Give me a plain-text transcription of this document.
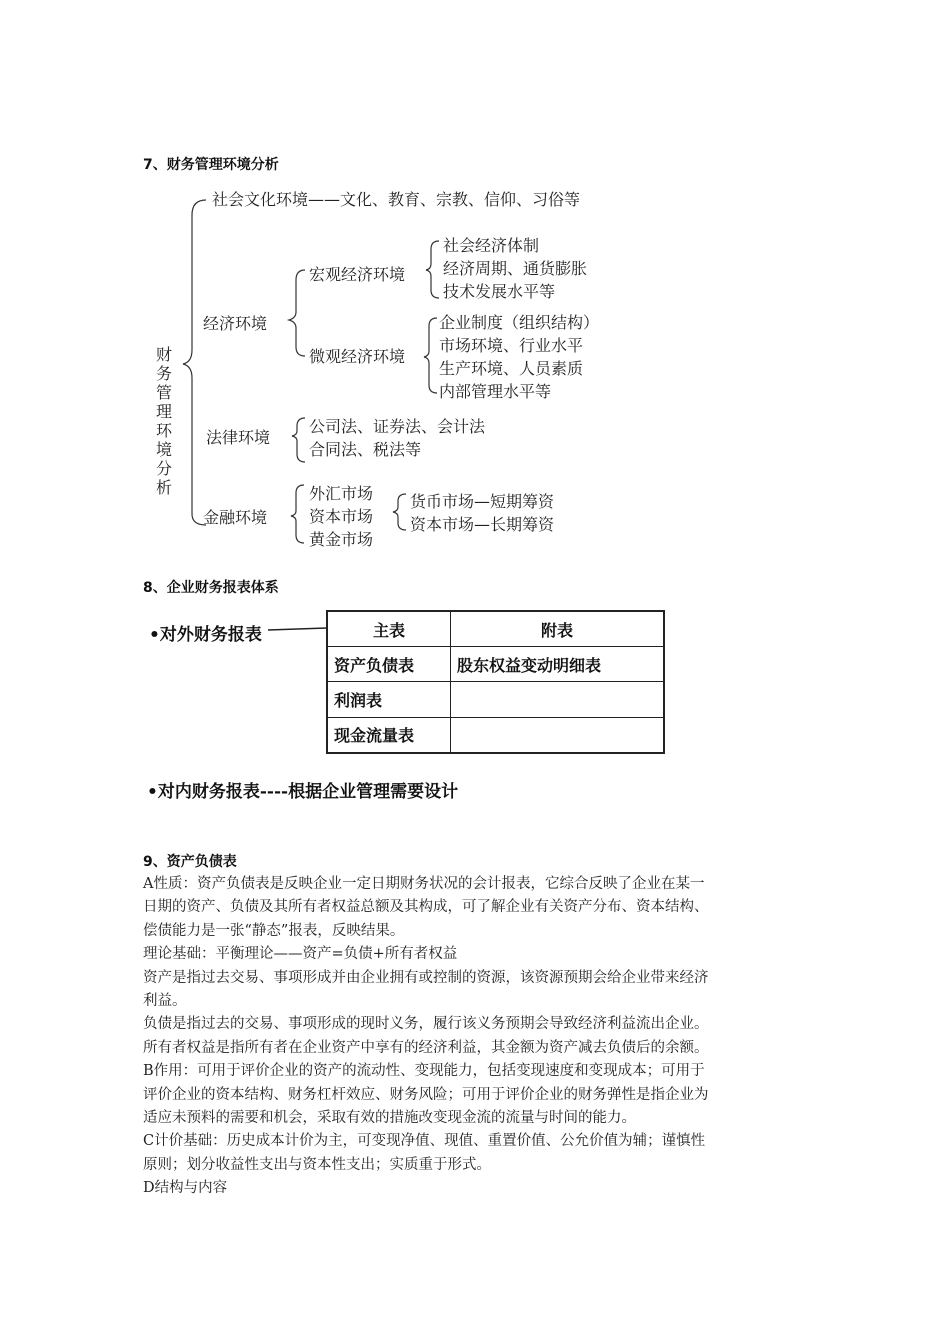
7、财务管理环境分析
财务管理环境分析
社会文化环境——文化、教育、宗教、信仰、习俗等
经济环境
宏观经济环境
社会经济体制
经济周期、通货膨胀
技术发展水平等
微观经济环境
企业制度（组织结构）
市场环境、行业水平
生产环境、人员素质
内部管理水平等
法律环境
公司法、证券法、会计法
合同法、税法等
金融环境
外汇市场
资本市场
黄金市场
货币市场—短期筹资
资本市场—长期筹资
8、企业财务报表体系
•对外财务报表	主表	附表
资产负债表	股东权益变动明细表
利润表	
现金流量表	
•对内财务报表----根据企业管理需要设计
9、资产负债表

A性质：资产负债表是反映企业一定日期财务状况的会计报表，它综合反映了企业在某一

日期的资产、负债及其所有者权益总额及其构成，可了解企业有关资产分布、资本结构、

偿债能力是一张“静态”报表，反映结果。

理论基础：平衡理论——资产=负债+所有者权益

资产是指过去交易、事项形成并由企业拥有或控制的资源，该资源预期会给企业带来经济

利益。

负债是指过去的交易、事项形成的现时义务，履行该义务预期会导致经济利益流出企业。

所有者权益是指所有者在企业资产中享有的经济利益，其金额为资产减去负债后的余额。

B作用：可用于评价企业的资产的流动性、变现能力，包括变现速度和变现成本；可用于

评价企业的资本结构、财务杠杆效应、财务风险；可用于评价企业的财务弹性是指企业为

适应未预料的需要和机会，采取有效的措施改变现金流的流量与时间的能力。

C计价基础：历史成本计价为主，可变现净值、现值、重置价值、公允价值为辅；谨慎性

原则；划分收益性支出与资本性支出；实质重于形式。

D结构与内容
